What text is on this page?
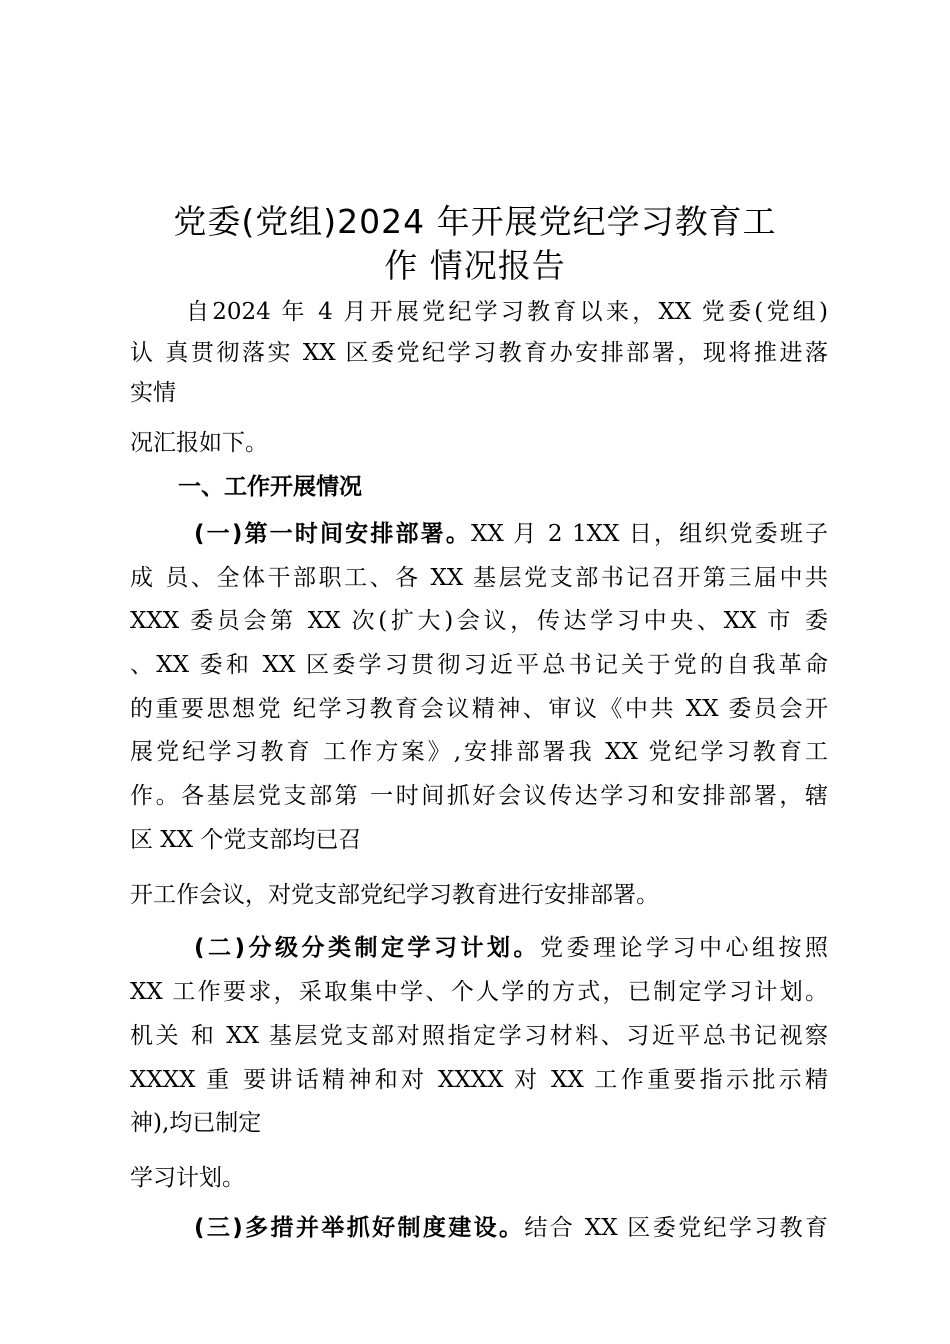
党委(党组)2024 年开展党纪学习教育工
作 情况报告
自2024 年 4 月开展党纪学习教育以来，XX 党委(党组)
认 真贯彻落实 XX 区委党纪学习教育办安排部署，现将推进落
实情
况汇报如下。
一、工作开展情况
(一)第一时间安排部署。XX 月 2 1XX 日，组织党委班子
成 员、全体干部职工、各 XX 基层党支部书记召开第三届中共
XXX 委员会第 XX 次(扩大)会议，传达学习中央、XX 市 委
、XX 委和 XX 区委学习贯彻习近平总书记关于党的自我革命
的重要思想党 纪学习教育会议精神、审议《中共 XX 委员会开
展党纪学习教育 工作方案》,安排部署我 XX 党纪学习教育工
作。各基层党支部第 一时间抓好会议传达学习和安排部署，辖
区 XX 个党支部均已召
开工作会议，对党支部党纪学习教育进行安排部署。
(二)分级分类制定学习计划。党委理论学习中心组按照
XX 工作要求，采取集中学、个人学的方式，已制定学习计划。
机关 和 XX 基层党支部对照指定学习材料、习近平总书记视察
XXXX 重 要讲话精神和对 XXXX 对 XX 工作重要指示批示精
神),均已制定
学习计划。
(三)多措并举抓好制度建设。结合 XX 区委党纪学习教育
